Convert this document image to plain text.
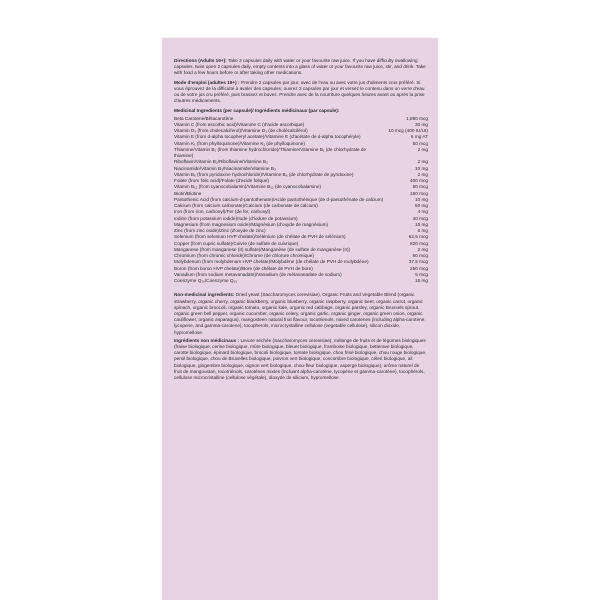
Directions (Adults 19+): Take 2 capsules daily with water or your favourite raw juice. If you have difficulty swallowing capsules, twist open 2 capsules daily, empty contents into a glass of water or your favourite raw juice, stir, and drink. Take with food a few hours before or after taking other medications.

Mode d'emploi (adultes 19+) : Prendre 2 capsules par jour, avec de l'eau ou avec votre jus d'aliments crus préféré. Si vous éprouvez de la difficulté à avaler des capsules, ouvrez 2 capsules par jour et versez le contenu dans un verre d'eau ou de votre jus cru préféré, puis brassez et buvez. Prendre avec de la nourriture quelques heures avant ou après la prise d'autres médicaments.

Medicinal Ingredients (per capsule)/ Ingrédients médicinaux (par capsule):
Beta Carotene/Bêtacarotène	1,890 mcg
Vitamin C (from ascorbic acid)/Vitamine C (d'acide ascorbique)	30 mg
Vitamin D₃ (from cholecalciferol)/Vitamine D₃ (de cholécalciférol)	10 mcg (400 IU/UI)
Vitamin E (from d-alpha tocopheryl acetate)/Vitamine E (d'acétate de d-alpha tocophéryle)	6 mg AT
Vitamin K₁ (from phylloquinone)/Vitamine K₁ (de phylloquinone)	50 mcg
Thiamine/Vitamin B₁ (from thiamine hydrochloride)/Thiamine/Vitamine B₁ (de chlorhydrate de thiamine)	2 mg
Riboflavin/Vitamin B₂/Riboflavine/Vitamine B₂	2 mg
Niacinamide/Vitamin B₃/Niacinamide/Vitamine B₃	10 mg
Vitamin B₆ (from pyridoxine hydrochloride)/Vitamine B₆ (de chlorhydrate de pyridoxine)	2 mg
Folate (from folic acid)/Folate (d'acide folique)	400 mcg
Vitamin B₁₂ (from cyanocobalamin)/Vitamine B₁₂ (de cyanocobalamine)	50 mcg
Biotin/Biotine	150 mcg
Pantothenic Acid (from calcium-d-pantothenate)/Acide pantothénique (de d-pantothénate de calcium)	10 mg
Calcium (from calcium carbonate)/Calcium (de carbonate de calcium)	50 mg
Iron (from iron, carbonyl)/Fer (de fer, carbonyl)	4 mg
Iodine (from potassium iodide)/Iode (d'iodure de potassium)	40 mcg
Magnesium (from magnesium oxide)/Magnésium (d'oxyde de magnésium)	15 mg
Zinc (from zinc oxide)/Zinc (d'oxyde de zinc)	5 mg
Selenium (from selenium HVP chelate)/Sélénium (de chélate de PVH de sélénium)	62.5 mcg
Copper (from cupric sulfate)/Cuivre (de sulfate de cuivrique)	820 mcg
Manganese (from manganese (II) sulfate)/Manganèse (de sulfate de manganèse (II))	2 mg
Chromium (from chromic chloride)/Chrome (de chlorure chromique)	60 mcg
Molybdenum (from molybdenum HVP chelate)/Molybdène (de chélate de PVH de molybdène)	37.5 mcg
Boron (from boron HVP chelate)/Bore (de chélate de PVH de bore)	250 mcg
Vanadium (from sodium metavanadate)/Vanadium (de métavanadate de sodium)	5 mcg
Coenzyme Q₁₀/Coenzyme Q₁₀	15 mg

Non-medicinal ingredients: Dried yeast (Saccharomyces cerevisiae), Organic Fruits and Vegetable Blend (organic strawberry, organic cherry, organic blackberry, organic blueberry, organic raspberry, organic beet, organic carrot, organic spinach, organic broccoli, organic tomato, organic kale, organic red cabbage, organic parsley, organic Brussels sprout, organic green bell pepper, organic cucumber, organic celery, organic garlic, organic ginger, organic green onion, organic cauliflower, organic asparagus), mangosteen natural fruit flavour, tocotrienols, mixed carotenes (including alpha-carotene, lycopene, and gamma-carotene), tocopherols, microcrystalline cellulose (vegetable cellulose), silicon dioxide, hypromellose.

Ingrédients non médicinaux : Levure séchée (Saccharomyces cerevisiae), mélange de fruits et de légumes biologiques (fraise biologique, cerise biologique, mûre biologique, bleuet biologique, framboise biologique, betterave biologique, carotte biologique, épinard biologique, brocoli biologique, tomate biologique, chou frisé biologique, chou rouge biologique, persil biologique, chou de Bruxelles biologique, poivron vert biologique, concombre biologique, céleri biologique, ail biologique, gingembre biologique, oignon vert biologique, chou-fleur biologique, asperge biologique), arôme naturel de fruit de mangoustan, tocotriénols, caroténes mixtes (incluant alpha-carotène, lycopène et gamma-carotène), tocophérols, cellulose microcristalline (cellulose végétale), dioxyde de silicium, hypromellose.
